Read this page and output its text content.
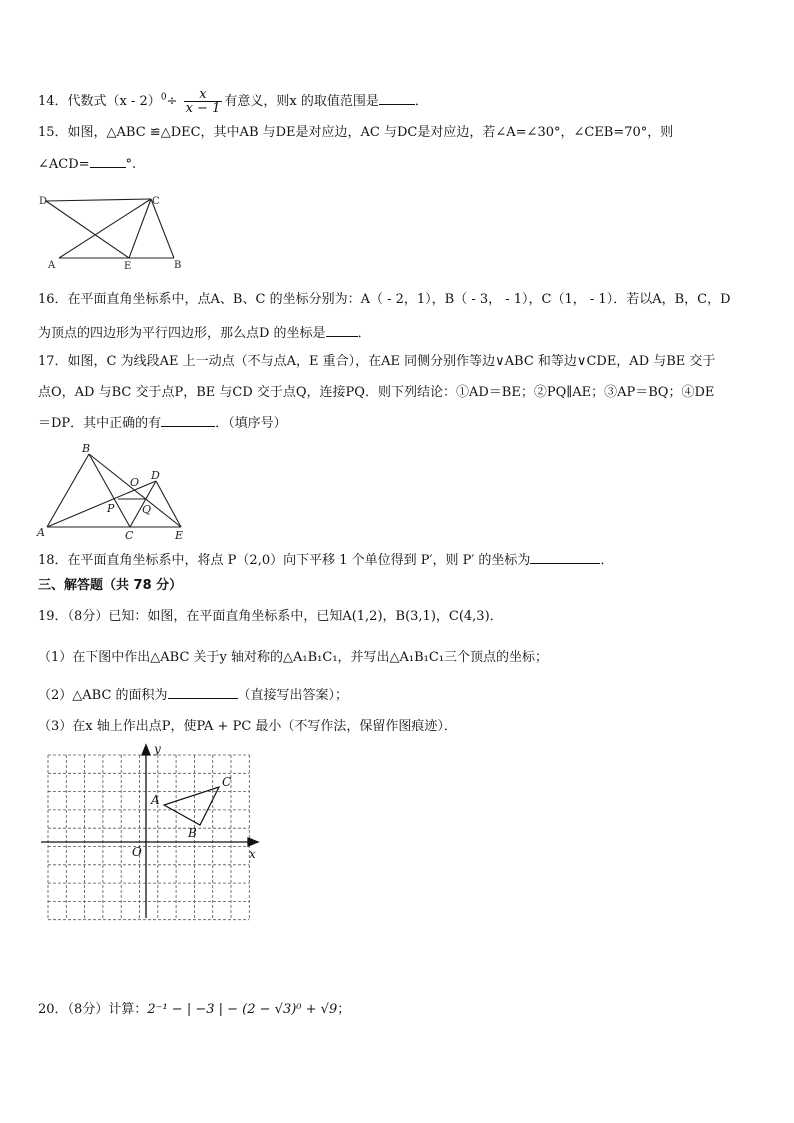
14．代数式$(x - 2)^0\div \frac{x}{x - 1}$ 有意义，则x 的取值范围是	．
15．如图，△ABC ≌△DEC，其中AB 与DE是对应边，AC 与DC是对应边，若∠A=∠30°，∠CEB=70°，则
∠ACD=	°.
D	C
A	E	B
16．在平面直角坐标系中，点A、B、C 的坐标分别为：A（ - 2，1），B（ - 3， - 1），C（1， - 1）．若以A，B，C，D
为顶点的四边形为平行四边形，那么点D 的坐标是 ．
17．如图，C 为线段AE 上一动点（不与点A，E 重合），在AE 同侧分别作等边∨ABC 和等边∨CDE，AD 与BE 交于
点O，AD 与BC 交于点P，BE 与CD 交于点Q，连接PQ．则下列结论：①AD＝BE；②PQ∥AE；③AP＝BQ；④DE
＝DP．其中正确的有	．（填序号）
B
D
O
P	Q
A	C	E
18．在平面直角坐标系中，将点 P（2,0）向下平移 1 个单位得到 P′，则 P′ 的坐标为	．
三、解答题（共 78 分）
19．（8分）已知：如图，在平面直角坐标系中，已知A(1,2)，B(3,1)，C(4,3)．
（1）在下图中作出△ABC 关于y 轴对称的△A₁B₁C₁，并写出△A₁B₁C₁三个顶点的坐标；
（2）△ABC 的面积为	（直接写出答案）；
（3）在x 轴上作出点P，使PA + PC 最小（不写作法，保留作图痕迹）．
y
x
O
A
B
C
20．（8分）计算：2⁻¹ − | −3 | − (2 − √3)⁰ + √9；
